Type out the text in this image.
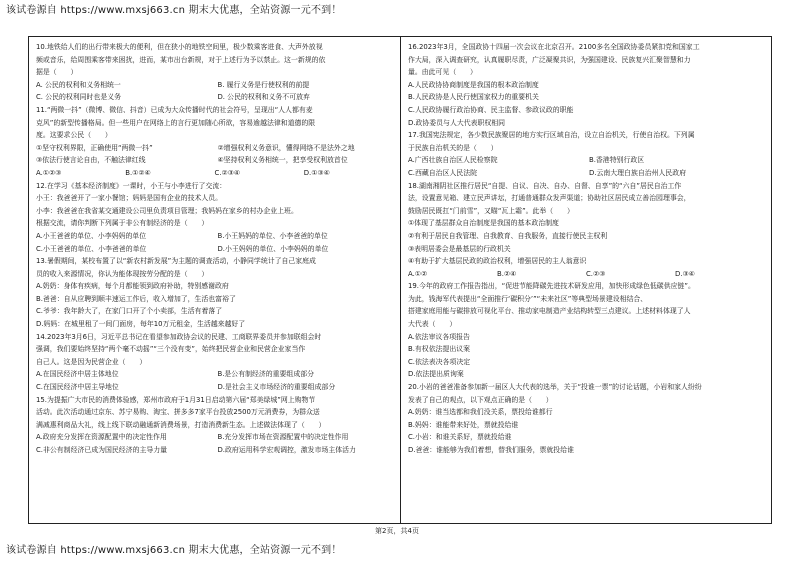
该试卷源自 https://www.mxsj663.cn 期末大优惠，全站资源一元不到！

10.地铁给人们的出行带来极大的便利，但在狭小的地铁空间里，极少数乘客进食、大声外放视

频或音乐，给周围乘客带来困扰，进而，某市出台新规，对于上述行为予以禁止。这一新规的依

据是（　　）

A. 公民的权利和义务相统一	B. 履行义务是行使权利的前提
C. 公民的权利同时也是义务	D. 公民的权利和义务不可放弃

11.“两微一抖”（微博、微信、抖音）已成为大众传播时代的社会符号，呈现出“人人都有麦

克风”的新型传播格局。但一些用户在网络上的言行更加随心所欲，容易逾越法律和道德的限

度。这要求公民（　　）

①坚守权利界限，正确使用“两微一抖”	②增强权利义务意识，懂得网络不是法外之地
③依法行使言论自由，不触法律红线	④坚持权利义务相统一，把享受权利放首位
A.①②③	B.①②④	C.②③④	D.①③④

12.在学习《基本经济制度》一课时，小王与小李进行了交流：

小王：我爸爸开了一家小餐馆；妈妈是国有企业的技术人员。

小李：我爸爸在我省某交通建设公司里负责项目管理；我妈妈在家乡的村办企业上班。

根据交流，请你判断下列属于非公有制经济的是（　　）

A.小王爸爸的单位、小李妈妈的单位	B.小王妈妈的单位、小李爸爸的单位
C.小王爸爸的单位、小李爸爸的单位	D.小王妈妈的单位、小李妈妈的单位

13.暑假期间，某校布置了以“新农村新发展”为主题的调查活动，小静同学统计了自己家庭成

员的收入来源情况，你认为能体现按劳分配的是（　　）

A.奶奶：身体有疾病，每个月都能领到政府补助，特别感谢政府

B.爸爸：自从应聘到顺丰速运工作后，收入增加了，生活也富裕了

C.爷爷：我年龄大了，在家门口开了个小卖部，生活有着落了

D.妈妈：在城里租了一间门面房，每年10万元租金，生活越来越好了

14.2023年3月6日，习近平总书记在看望参加政协会议的民建、工商联界委员并参加联组会时

强调，我们要始终坚持“两个毫不动摇”“三个没有变”，始终把民营企业和民营企业家当作

自己人。这是因为民营企业（　　）

A.在国民经济中居主体地位	B.是公有制经济的重要组成部分
C.在国民经济中居主导地位	D.是社会主义市场经济的重要组成部分

15.为提振广大市民的消费体验感，郑州市政府于1月31日启动第六届“郑美绿城”网上购物节

活动。此次活动通过京东、苏宁易购、淘宝、拼多多7家平台投放2500万元消费券，为群众送

满减惠利商品大礼，线上线下联动融通新消费场景，打造消费新生态。上述做法体现了（　　）

A.政府充分发挥在资源配置中的决定性作用	B.充分发挥市场在资源配置中的决定性作用
C.非公有制经济已成为国民经济的主导力量	D.政府运用科学宏观调控，激发市场主体活力

16.2023年3月，全国政协十四届一次会议在北京召开。2100多名全国政协委员紧扣党和国家工

作大局，深入调查研究，认真履职尽责，广泛凝聚共识，为强国建设、民族复兴汇聚智慧和力

量。由此可见（　　）

A.人民政协协商制度是我国的根本政治制度

B.人民政协是人民行使国家权力的重要机关

C.人民政协履行政治协商、民主监督、参政议政的职能

D.政协委员与人大代表职权相同

17.我国宪法规定，各少数民族聚居的地方实行区域自治，设立自治机关，行使自治权。下列属

于民族自治机关的是（　　）

A.广西壮族自治区人民检察院	B.香港特别行政区
C.西藏自治区人民法院	D.云南大理白族自治州人民政府

18.湖南湘阴社区推行居民“自提、自议、自决、自办、自督、自享”的“六自”居民自治工作

法，设置意见箱、建立民声讲坛，打通普通群众发声渠道；协助社区居民成立善治园理事会，

鼓励居民既扛“门前雪”，又瞄“瓦上霜”。此举（　　）

①体现了基层群众自治制度是我国的基本政治制度

②有利于居民自我管理、自我教育、自我服务，直接行使民主权利

③表明居委会是最基层的行政机关

④有助于扩大基层民政的政治权利，增强居民的主人翁意识

A.①②	B.②④	C.②③	D.③④

19.今年的政府工作报告指出，“促进节能降碳先进技术研发应用，加快形成绿色低碳供应链”。

为此，钱海军代表提出“全面推行‘碳积分’”“未来社区”等典型场景建设相结合、

搭建家庭用能与碳排放可视化平台、推动家电制造产业结构转型三点建议。上述材料体现了人

大代表（　　）

A.依法审议各项报告

B.有权依法提出议案

C.依法表决各项决定

D.依法提出质询案

20.小岩的爸爸准备参加新一届区人大代表的选举，关于“投谁一票”的讨论话题，小岩和家人纷纷

发表了自己的观点，以下观点正确的是（　　）

A.奶奶：谁当选都和我们没关系，票投给谁都行

B.妈妈：谁能带来好处，票就投给谁

C.小岩：和谁关系好，票就投给谁

D.爸爸：谁能够为我们着想，替我们服务，票就投给谁

第2页，共4页
该试卷源自 https://www.mxsj663.cn 期末大优惠，全站资源一元不到！
